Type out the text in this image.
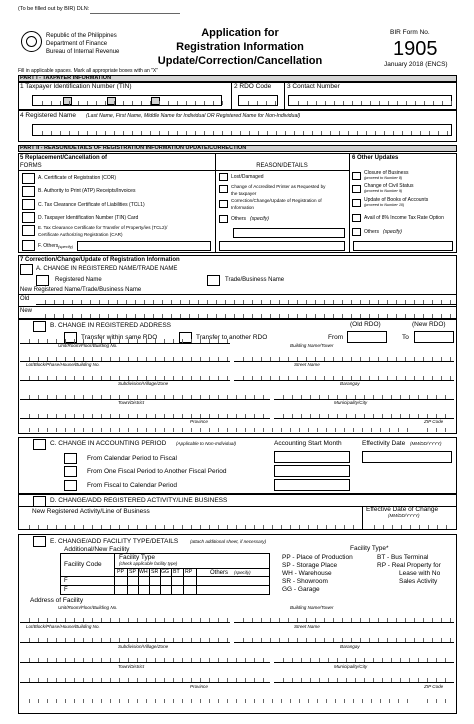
(To be filled out by BIR) DLN:
Republic of the Philippines
Department of Finance
Bureau of Internal Revenue
Application for
Registration Information
Update/Correction/Cancellation
BIR Form No.
1905
January 2018 (ENCS)
Fill in applicable spaces. Mark all appropriate boxes with an "X"
PART I - TAXPAYER INFORMATION
1 Taxpayer Identification Number (TIN)	2 RDO Code 3 Contact Number
4 Registered Name (Last Name, First Name, Middle Name for Individual OR Registered Name for Non-Individual)
PART II - REASON/DETAILS OF REGISTRATION INFORMATION UPDATE/CORRECTION
5 Replacement/Cancellation of
FORMS	REASON/DETAILS
6 Other Updates
A. Certificate of Registration (COR)
B. Authority to Print (ATP) Receipts/Invoices
C. Tax Clearance Certificate of Liabilities (TCL1)
D. Taxpayer Identification Number (TIN) Card
E. Tax Clearance Certificate for Transfer of Property/ies (TCL2)/
Certificate Authorizing Registration (CAR)
F. Others (specify)
Lost/Damaged
Change of Accredited Printer as Requested by
the taxpayer
Correction/Change/Update of Registration of
Information
Others (specify)
Closure of Business
(proceed to Number 8)
Change of Civil Status
(proceed to Number 9)
Update of Books of Accounts
(proceed to Number 10)
Avail of 8% Income Tax Rate Option
Others (specify)
7 Correction/Change/Update of Registration Information
A. CHANGE IN REGISTERED NAME/TRADE NAME
Registered Name	Trade/Business Name
New Registered Name/Trade/Business Name
Old
New
B. CHANGE IN REGISTERED ADDRESS	(Old RDO)	(New RDO)
Transfer within same RDO	Transfer to another RDO	From	To
Unit/Room/Floor/Building No.	Building Name/Tower
Lot/Block/Phase/House/Building No.	Street Name
Subdivision/Village/Zone	Barangay
Town/District	Municipality/City
Province	ZIP Code
C. CHANGE IN ACCOUNTING PERIOD (Applicable to Non-Individual)	Accounting Start Month	Effectivity Date (MM/DD/YYYY)
From Calendar Period to Fiscal
From One Fiscal Period to Another Fiscal Period
From Fiscal to Calendar Period
D. CHANGE/ADD REGISTERED ACTIVITY/LINE BUSINESS
New Registered Activity/Line of Business	Effective Date of Change
(MM/DD/YYYY)
E. CHANGE/ADD FACILITY TYPE/DETAILS	(attach additional sheet, if necessary)
Additional/New Facility
Facility Code
Facility Type
(check applicable facility type)
PP SP WH SR GG BT RP	Others (specify)
F
F
Facility Type*
PP - Place of Production
SP - Storage Place
WH - Warehouse
SR - Showroom
GG - Garage
BT - Bus Terminal
RP - Real Property for
Lease with No
Sales Activity
Address of Facility
Unit/Room/Floor/Building No.	Building Name/Tower
Lot/Block/Phase/House/Building No.	Street Name
Subdivision/Village/Zone	Barangay
Town/District	Municipality/City
Province	ZIP Code
